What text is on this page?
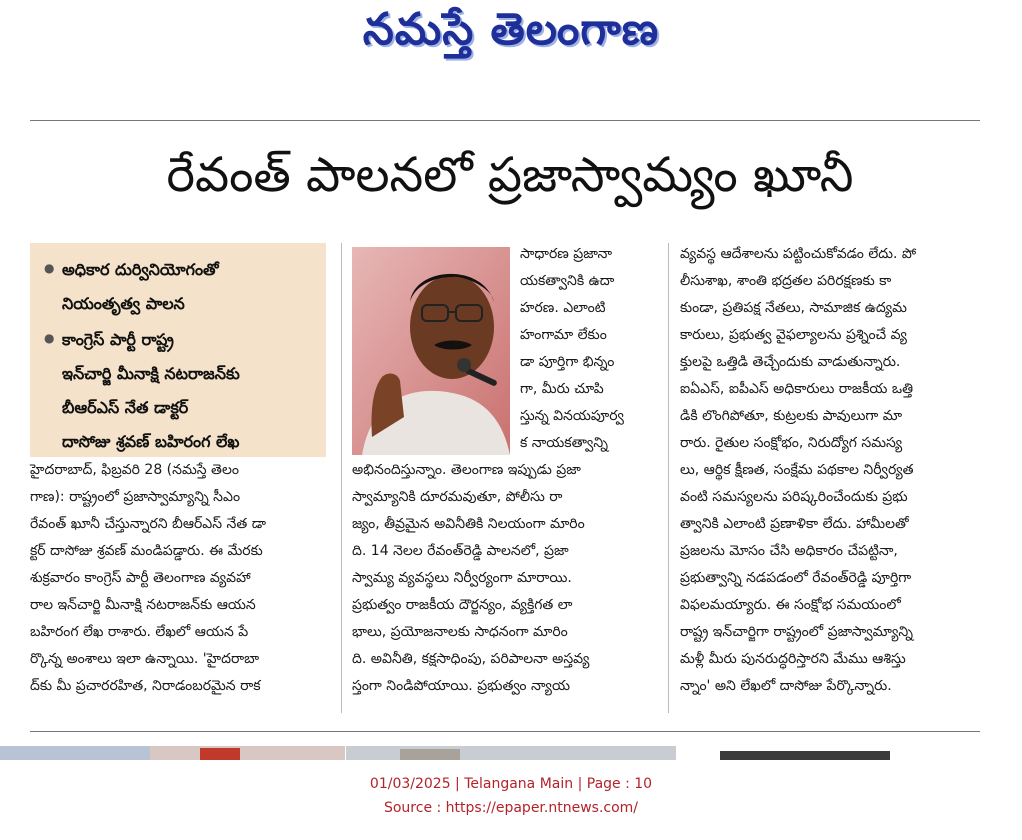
నమస్తే తెలంగాణ
రేవంత్ పాలనలో ప్రజాస్వామ్యం ఖూనీ
● అధికార దుర్వినియోగంతో
నియంతృత్వ పాలన
● కాంగ్రెస్ పార్టీ రాష్ట్ర
ఇన్‌చార్జి మీనాక్షి నటరాజన్‌కు
బీఆర్‌ఎస్ నేత డాక్టర్
దాసోజు శ్రవణ్ బహిరంగ లేఖ
సాధారణ ప్రజానా
యకత్వానికి ఉదా
హరణ. ఎలాంటి
హంగామా లేకుం
డా పూర్తిగా భిన్నం
గా, మీరు చూపి
స్తున్న వినయపూర్వ
క నాయకత్వాన్ని
హైదరాబాద్, ఫిబ్రవరి 28 (నమస్తే తెలం
గాణ): రాష్ట్రంలో ప్రజాస్వామ్యాన్ని సీఎం
రేవంత్ ఖూనీ చేస్తున్నారని బీఆర్‌ఎస్ నేత డా
క్టర్ దాసోజు శ్రవణ్ మండిపడ్డారు. ఈ మేరకు
శుక్రవారం కాంగ్రెస్ పార్టీ తెలంగాణ వ్యవహా
రాల ఇన్‌చార్జి మీనాక్షి నటరాజన్‌కు ఆయన
బహిరంగ లేఖ రాశారు. లేఖలో ఆయన పే
ర్కొన్న అంశాలు ఇలా ఉన్నాయి. 'హైదరాబా
ద్‌కు మీ ప్రచారరహిత, నిరాడంబరమైన రాక
అభినందిస్తున్నాం. తెలంగాణ ఇప్పుడు ప్రజా
స్వామ్యానికి దూరమవుతూ, పోలీసు రా
జ్యం, తీవ్రమైన అవినీతికి నిలయంగా మారిం
ది. 14 నెలల రేవంత్‌రెడ్డి పాలనలో, ప్రజా
స్వామ్య వ్యవస్థలు నిర్వీర్యంగా మారాయి.
ప్రభుత్వం రాజకీయ దౌర్జన్యం, వ్యక్తిగత లా
భాలు, ప్రయోజనాలకు సాధనంగా మారిం
ది. అవినీతి, కక్షసాధింపు, పరిపాలనా అస్తవ్య
స్తంగా నిండిపోయాయి. ప్రభుత్వం న్యాయ
వ్యవస్థ ఆదేశాలను పట్టించుకోవడం లేదు. పో
లీసుశాఖ, శాంతి భద్రతల పరిరక్షణకు కా
కుండా, ప్రతిపక్ష నేతలు, సామాజిక ఉద్యమ
కారులు, ప్రభుత్వ వైఫల్యాలను ప్రశ్నించే వ్య
క్తులపై ఒత్తిడి తెచ్చేందుకు వాడుతున్నారు.
ఐఏఎస్, ఐపీఎస్ అధికారులు రాజకీయ ఒత్తి
డికి లొంగిపోతూ, కుట్రలకు పావులుగా మా
రారు. రైతుల సంక్షోభం, నిరుద్యోగ సమస్య
లు, ఆర్థిక క్షీణత, సంక్షేమ పథకాల నిర్వీర్యత
వంటి సమస్యలను పరిష్కరించేందుకు ప్రభు
త్వానికి ఎలాంటి ప్రణాళికా లేదు. హామీలతో
ప్రజలను మోసం చేసి అధికారం చేపట్టినా,
ప్రభుత్వాన్ని నడపడంలో రేవంత్‌రెడ్డి పూర్తిగా
విఫలమయ్యారు. ఈ సంక్షోభ సమయంలో
రాష్ట్ర ఇన్‌చార్జిగా రాష్ట్రంలో ప్రజాస్వామ్యాన్ని
మళ్లీ మీరు పునరుద్ధరిస్తారని మేము ఆశిస్తు
న్నాం' అని లేఖలో దాసోజు పేర్కొన్నారు.
01/03/2025 | Telangana Main | Page : 10
Source : https://epaper.ntnews.com/
